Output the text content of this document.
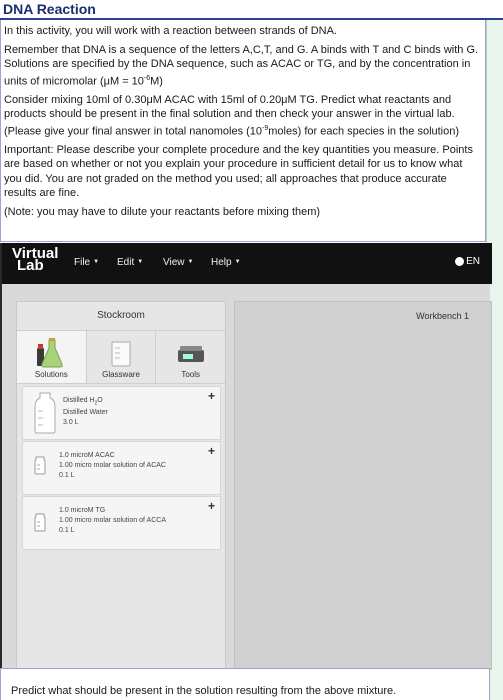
DNA Reaction

In this activity, you will work with a reaction between strands of DNA.

Remember that DNA is a sequence of the letters A,C,T, and G. A binds with T and C binds with G. Solutions are specified by the DNA sequence, such as ACAC or TG, and by the concentration in units of micromolar $(\mu M = 10^{-6}M)$

Consider mixing 10ml of 0.30μM ACAC with 15ml of 0.20μM TG. Predict what reactants and products should be present in the final solution and then check your answer in the virtual lab. (Please give your final answer in total nanomoles $(10^{-9}moles)$ for each species in the solution)

Important: Please describe your complete procedure and the key quantities you measure. Points are based on whether or not you explain your procedure in sufficient detail for us to know what you did. You are not graded on the method you used; all approaches that produce accurate results are fine.

(Note: you may have to dilute your reactants before mixing them)

Virtual
Lab	File ▼ Edit ▼ View ▼ Help ▼	EN
Stockroom
Solutions	Glassware	Tools
Distilled $H_2O$
Distilled Water
3.0 L
+
1.0 microM ACAC
1.00 micro molar solution of ACAC
0.1 L
+
1.0 microM TG
1.00 micro molar solution of ACCA
0.1 L
+
Workbench 1
Predict what should be present in the solution resulting from the above mixture.
